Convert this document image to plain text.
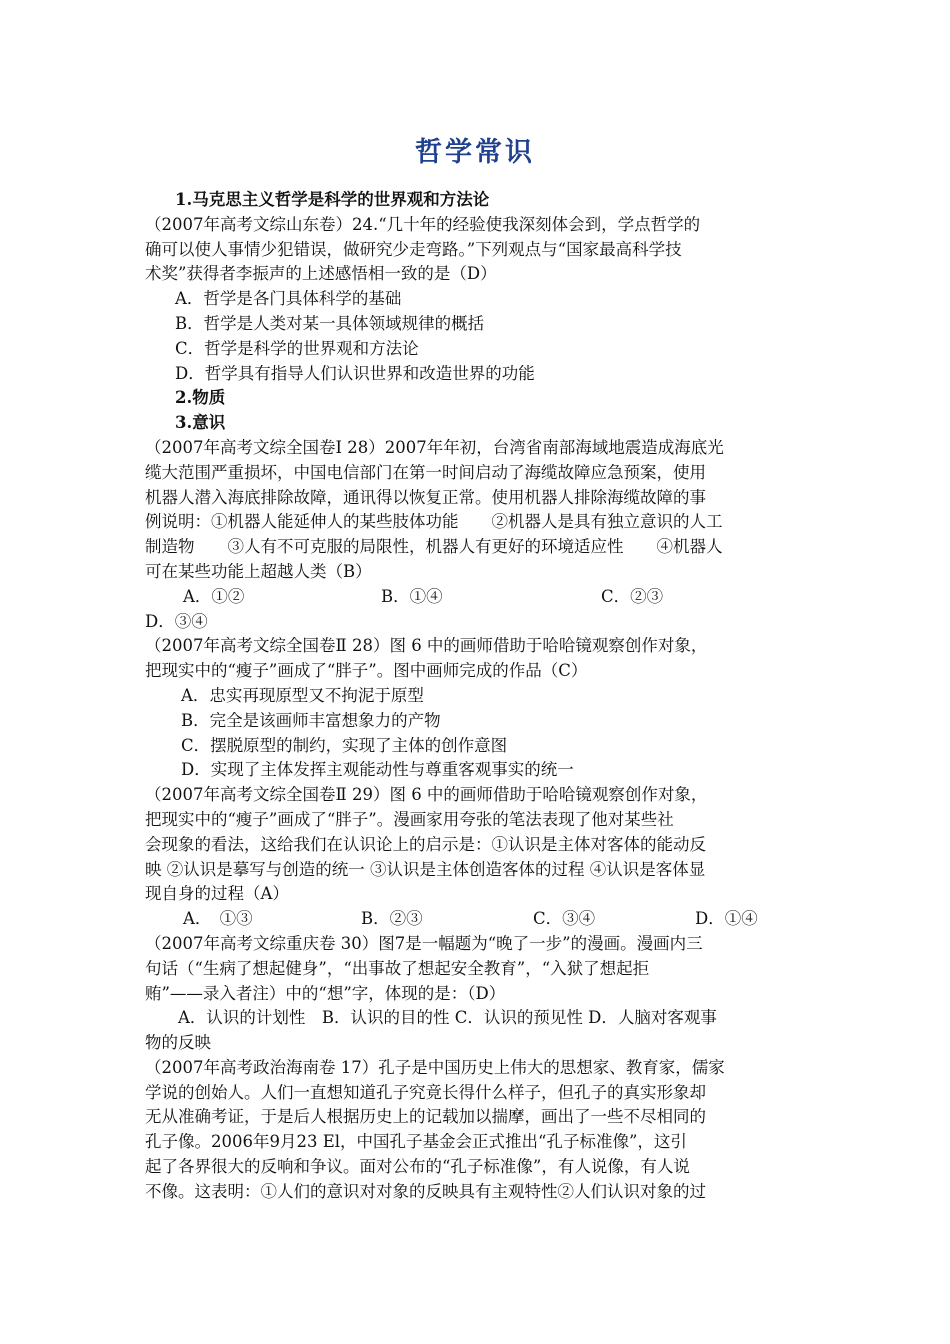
哲学常识
1.马克思主义哲学是科学的世界观和方法论
（2007年高考文综山东卷）24.“几十年的经验使我深刻体会到，学点哲学的
确可以使人事情少犯错误，做研究少走弯路。”下列观点与“国家最高科学技
术奖”获得者李振声的上述感悟相一致的是（D）
A．哲学是各门具体科学的基础
B．哲学是人类对某一具体领域规律的概括
C．哲学是科学的世界观和方法论
D．哲学具有指导人们认识世界和改造世界的功能
2.物质
3.意识
（2007年高考文综全国卷Ⅰ 28）2007年年初，台湾省南部海域地震造成海底光
缆大范围严重损坏，中国电信部门在第一时间启动了海缆故障应急预案，使用
机器人潜入海底排除故障，通讯得以恢复正常。使用机器人排除海缆故障的事
例说明：①机器人能延伸人的某些肢体功能　　②机器人是具有独立意识的人工
制造物　　③人有不可克服的局限性，机器人有更好的环境适应性　　④机器人
可在某些功能上超越人类（B）
A．①②	B．①④	C．②③
D．③④
（2007年高考文综全国卷Ⅱ 28）图 6 中的画师借助于哈哈镜观察创作对象，
把现实中的“瘦子”画成了“胖子”。图中画师完成的作品（C）
A．忠实再现原型又不拘泥于原型
B．完全是该画师丰富想象力的产物
C．摆脱原型的制约，实现了主体的创作意图
D．实现了主体发挥主观能动性与尊重客观事实的统一
（2007年高考文综全国卷Ⅱ 29）图 6 中的画师借助于哈哈镜观察创作对象，
把现实中的“瘦子”画成了“胖子”。漫画家用夸张的笔法表现了他对某些社
会现象的看法，这给我们在认识论上的启示是：①认识是主体对客体的能动反
映 ②认识是摹写与创造的统一 ③认识是主体创造客体的过程 ④认识是客体显
现自身的过程（A）
A．　①③	B．②③	C．③④	D．①④
（2007年高考文综重庆卷 30）图7是一幅题为“晚了一步”的漫画。漫画内三
句话（“生病了想起健身”，“出事故了想起安全教育”，“入狱了想起拒
贿”——录入者注）中的“想”字，体现的是：（D）
　　A．认识的计划性　B．认识的目的性 C．认识的预见性 D．人脑对客观事
物的反映
（2007年高考政治海南卷 17）孔子是中国历史上伟大的思想家、教育家，儒家
学说的创始人。人们一直想知道孔子究竟长得什么样子，但孔子的真实形象却
无从准确考证，于是后人根据历史上的记载加以揣摩，画出了一些不尽相同的
孔子像。2006年9月23 El，中国孔子基金会正式推出“孔子标准像”，这引
起了各界很大的反响和争议。面对公布的“孔子标准像”，有人说像，有人说
不像。这表明：①人们的意识对对象的反映具有主观特性②人们认识对象的过
